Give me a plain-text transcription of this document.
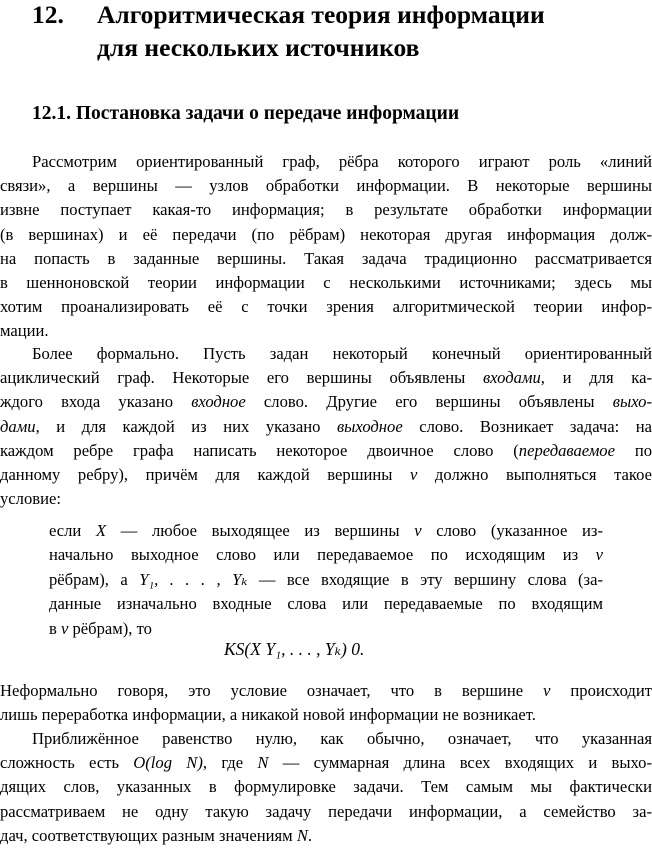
12. Алгоритмическая теория информации
для нескольких источников
12.1. Постановка задачи о передаче информации
Рассмотрим ориентированный граф, рёбра которого играют роль «линий
связи», а вершины — узлов обработки информации. В некоторые вершины
извне поступает какая-то информация; в результате обработки информации
(в вершинах) и её передачи (по рёбрам) некоторая другая информация долж-
на попасть в заданные вершины. Такая задача традиционно рассматривается
в шенноновской теории информации с несколькими источниками; здесь мы
хотим проанализировать её с точки зрения алгоритмической теории инфор-
мации.
Более формально. Пусть задан некоторый конечный ориентированный
ациклический граф. Некоторые его вершины объявлены входами, и для ка-
ждого входа указано входное слово. Другие его вершины объявлены выхо-
дами, и для каждой из них указано выходное слово. Возникает задача: на
каждом ребре графа написать некоторое двоичное слово (передаваемое по
данному ребру), причём для каждой вершины v должно выполняться такое
условие:
если X — любое выходящее из вершины v слово (указанное из-
начально выходное слово или передаваемое по исходящим из v
рёбрам), а Y₁, . . . , Yₖ — все входящие в эту вершину слова (за-
данные изначально входные слова или передаваемые по входящим
в v рёбрам), то
KS(X Y₁, . . . , Yₖ) 0.
Неформально говоря, это условие означает, что в вершине v происходит
лишь переработка информации, а никакой новой информации не возникает.
Приближённое равенство нулю, как обычно, означает, что указанная
сложность есть O(log N), где N — суммарная длина всех входящих и выхо-
дящих слов, указанных в формулировке задачи. Тем самым мы фактически
рассматриваем не одну такую задачу передачи информации, а семейство за-
дач, соответствующих разным значениям N.
